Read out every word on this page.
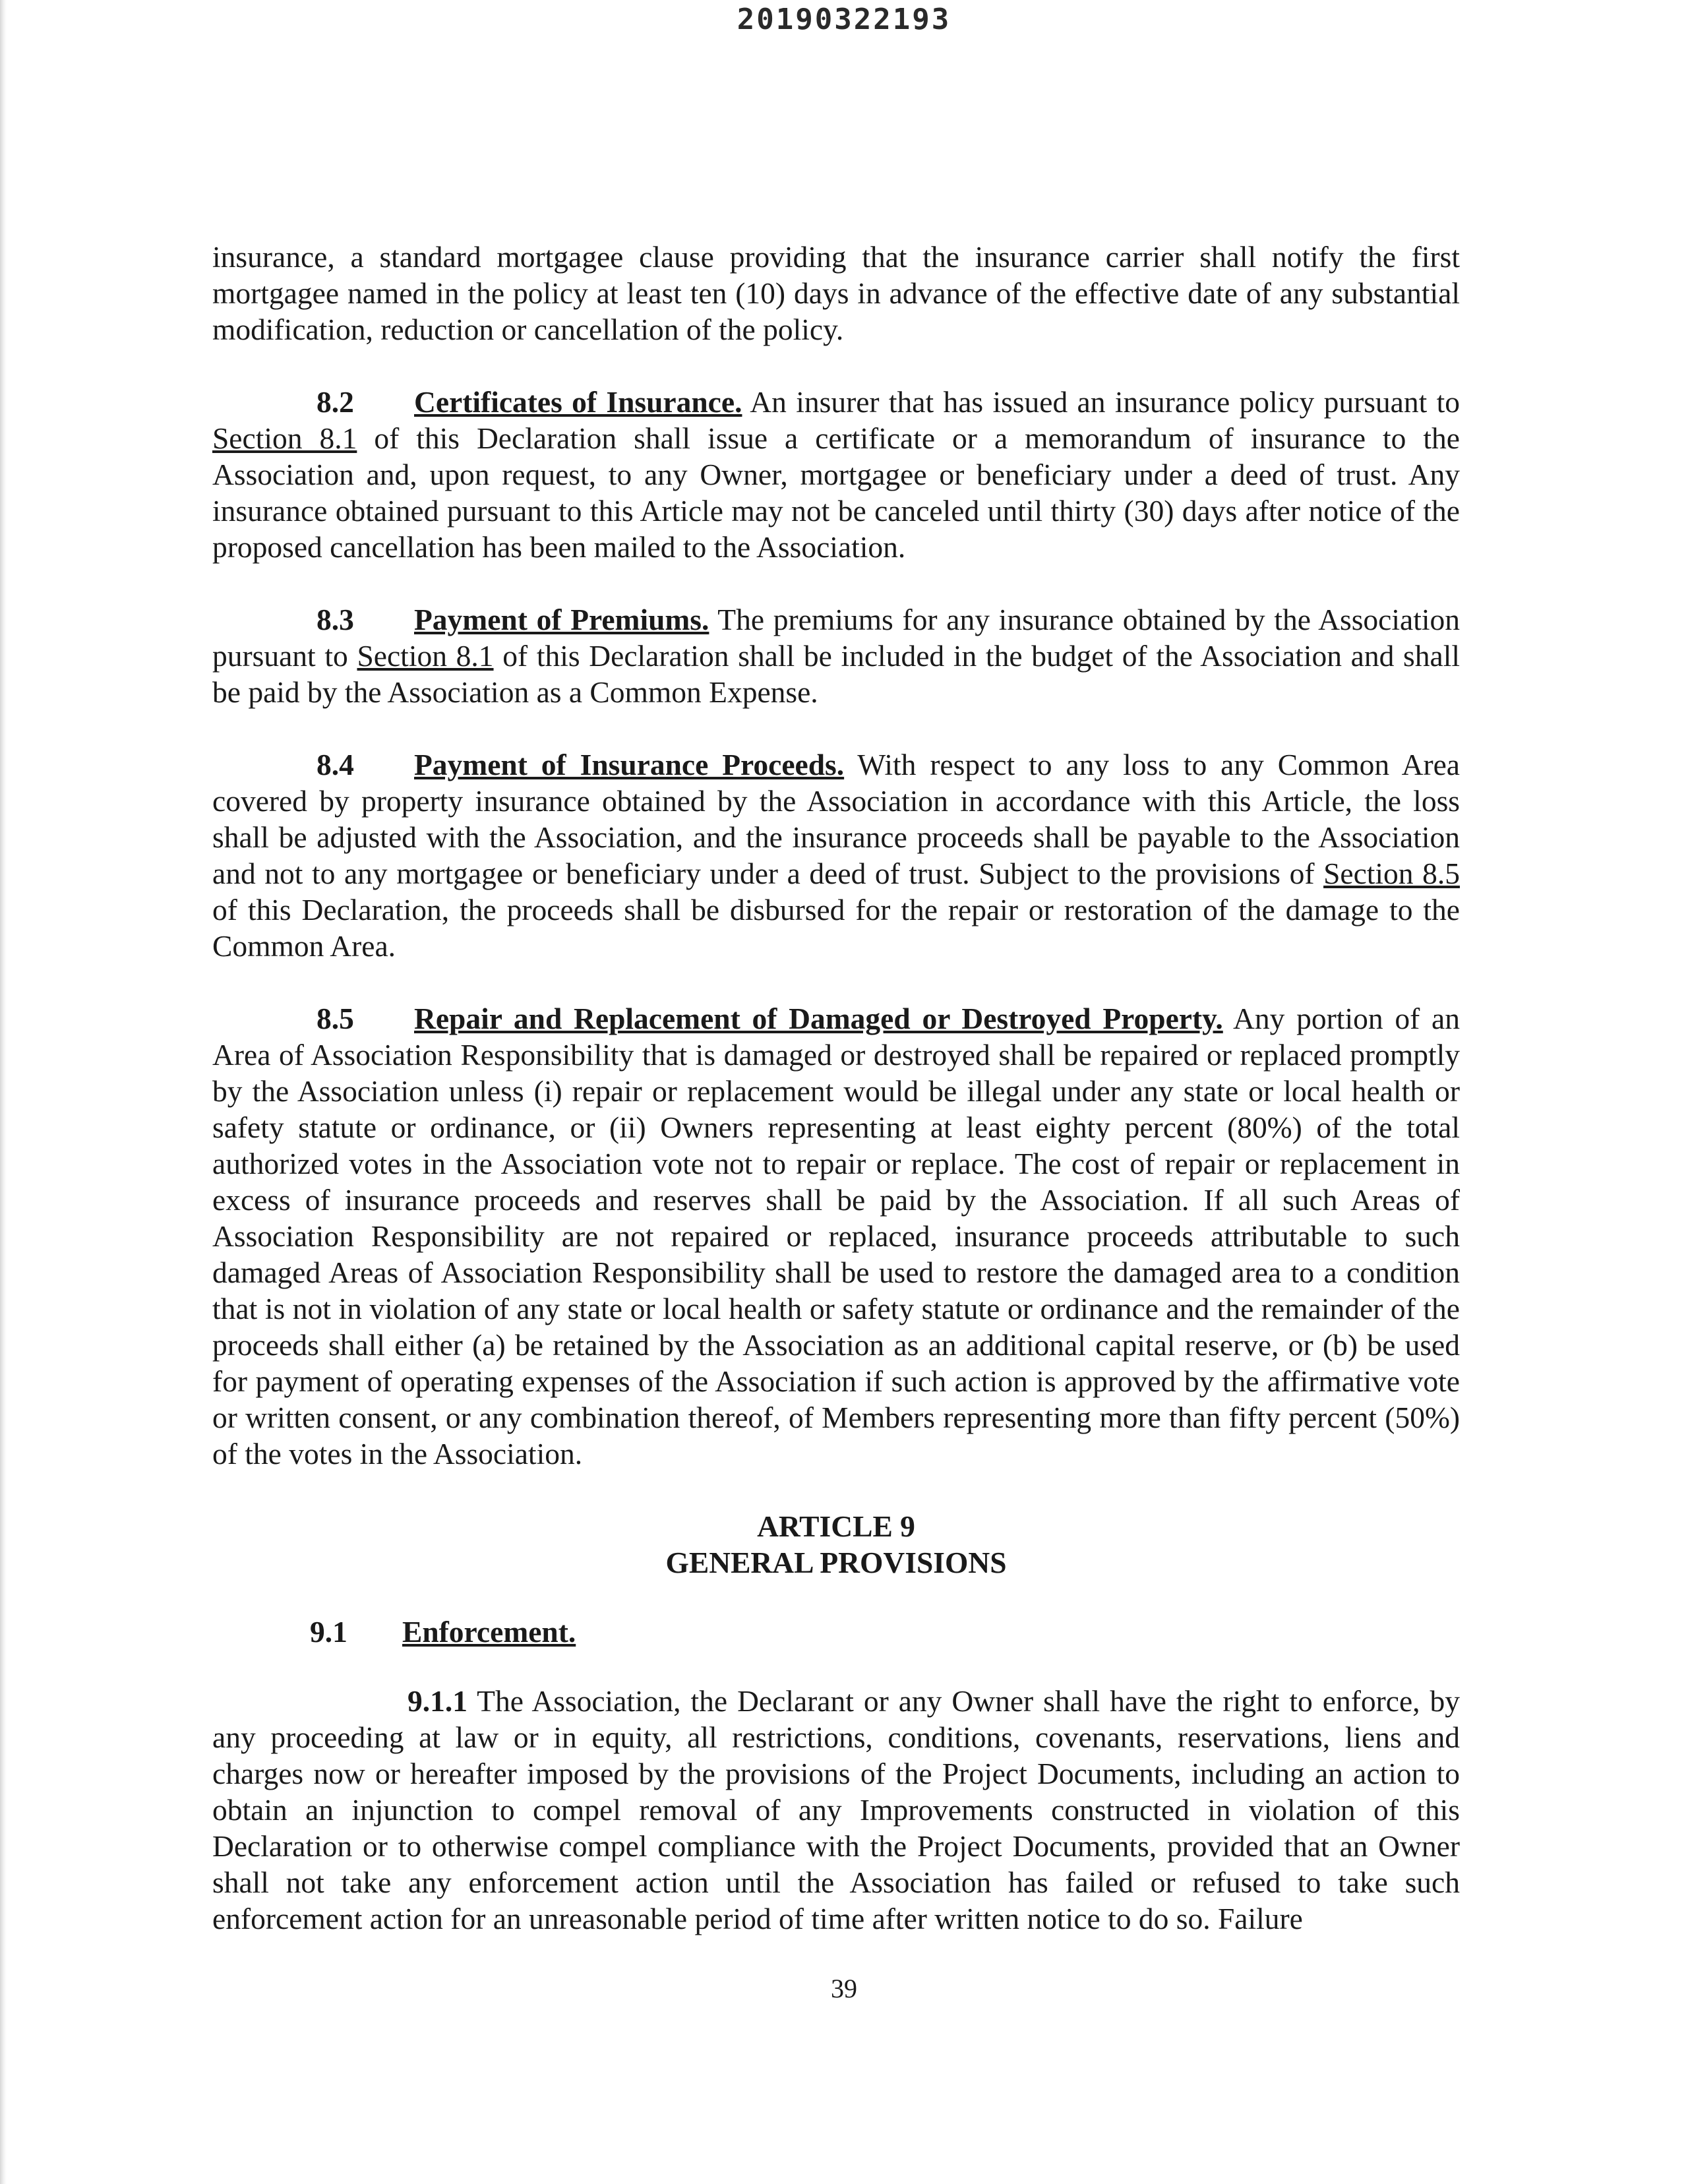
20190322193

insurance, a standard mortgagee clause providing that the insurance carrier shall notify the first mortgagee named in the policy at least ten (10) days in advance of the effective date of any substantial modification, reduction or cancellation of the policy.

8.2 Certificates of Insurance. An insurer that has issued an insurance policy pursuant to Section 8.1 of this Declaration shall issue a certificate or a memorandum of insurance to the Association and, upon request, to any Owner, mortgagee or beneficiary under a deed of trust. Any insurance obtained pursuant to this Article may not be canceled until thirty (30) days after notice of the proposed cancellation has been mailed to the Association.

8.3 Payment of Premiums. The premiums for any insurance obtained by the Association pursuant to Section 8.1 of this Declaration shall be included in the budget of the Association and shall be paid by the Association as a Common Expense.

8.4 Payment of Insurance Proceeds. With respect to any loss to any Common Area covered by property insurance obtained by the Association in accordance with this Article, the loss shall be adjusted with the Association, and the insurance proceeds shall be payable to the Association and not to any mortgagee or beneficiary under a deed of trust. Subject to the provisions of Section 8.5 of this Declaration, the proceeds shall be disbursed for the repair or restoration of the damage to the Common Area.

8.5 Repair and Replacement of Damaged or Destroyed Property. Any portion of an Area of Association Responsibility that is damaged or destroyed shall be repaired or replaced promptly by the Association unless (i) repair or replacement would be illegal under any state or local health or safety statute or ordinance, or (ii) Owners representing at least eighty percent (80%) of the total authorized votes in the Association vote not to repair or replace. The cost of repair or replacement in excess of insurance proceeds and reserves shall be paid by the Association. If all such Areas of Association Responsibility are not repaired or replaced, insurance proceeds attributable to such damaged Areas of Association Responsibility shall be used to restore the damaged area to a condition that is not in violation of any state or local health or safety statute or ordinance and the remainder of the proceeds shall either (a) be retained by the Association as an additional capital reserve, or (b) be used for payment of operating expenses of the Association if such action is approved by the affirmative vote or written consent, or any combination thereof, of Members representing more than fifty percent (50%) of the votes in the Association.

ARTICLE 9
GENERAL PROVISIONS
9.1 Enforcement.

9.1.1 The Association, the Declarant or any Owner shall have the right to enforce, by any proceeding at law or in equity, all restrictions, conditions, covenants, reservations, liens and charges now or hereafter imposed by the provisions of the Project Documents, including an action to obtain an injunction to compel removal of any Improvements constructed in violation of this Declaration or to otherwise compel compliance with the Project Documents, provided that an Owner shall not take any enforcement action until the Association has failed or refused to take such enforcement action for an unreasonable period of time after written notice to do so. Failure

39
